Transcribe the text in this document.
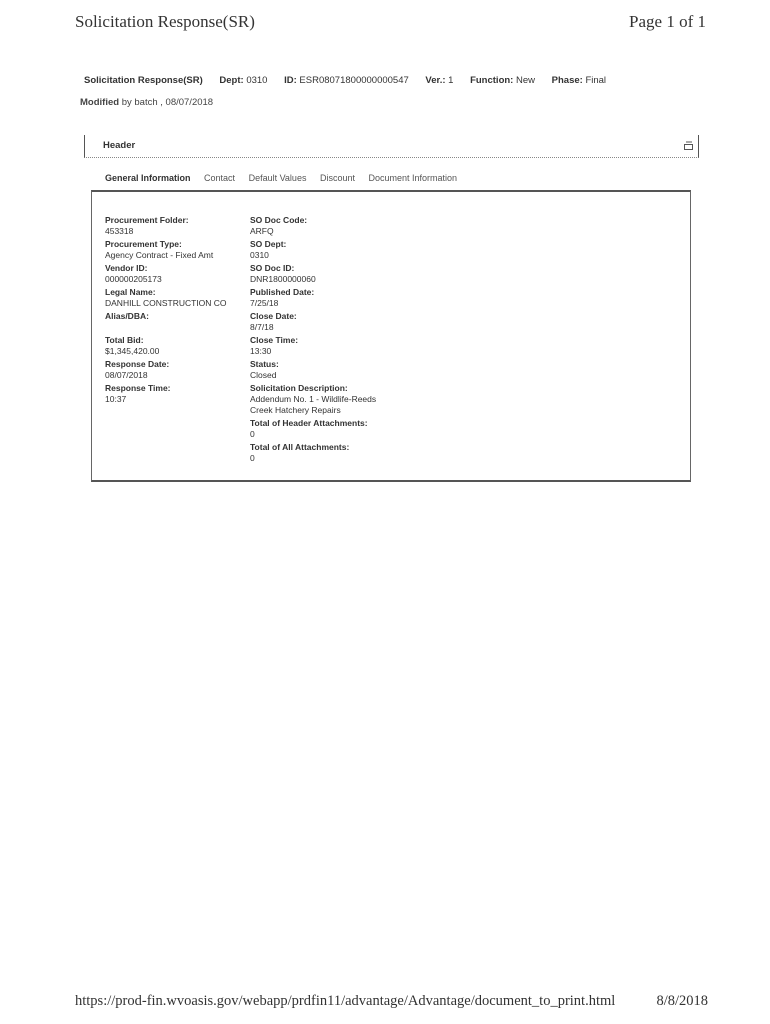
Solicitation Response(SR)	Page 1 of 1
Solicitation Response(SR) Dept: 0310 ID: ESR08071800000000547 Ver.: 1 Function: New Phase: Final
Modified by batch , 08/07/2018
Header
General Information Contact Default Values Discount Document Information
Procurement Folder:
453318
Procurement Type:
Agency Contract - Fixed Amt
Vendor ID:
000000205173
Legal Name:
DANHILL CONSTRUCTION CO
Alias/DBA:
Total Bid:
$1,345,420.00
Response Date:
08/07/2018
Response Time:
10:37
SO Doc Code:
ARFQ
SO Dept:
0310
SO Doc ID:
DNR1800000060
Published Date:
7/25/18
Close Date:
8/7/18
Close Time:
13:30
Status:
Closed
Solicitation Description:
Addendum No. 1 - Wildlife-Reeds
Creek Hatchery Repairs
Total of Header Attachments:
0
Total of All Attachments:
0
https://prod-fin.wvoasis.gov/webapp/prdfin11/advantage/Advantage/document_to_print.html	8/8/2018
